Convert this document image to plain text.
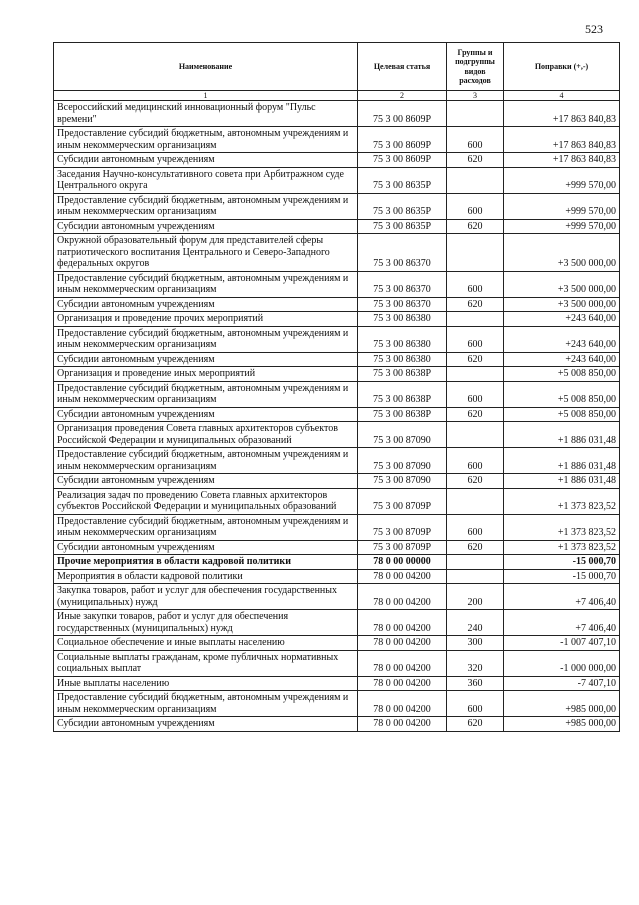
523
Наименование	Целевая статья	Группы и подгруппы видов расходов	Поправки (+,-)
1	2	3	4
Всероссийский медицинский инновационный форум "Пульс времени"	75 3 00 8609Р		+17 863 840,83
Предоставление субсидий бюджетным, автономным учреждениям и иным некоммерческим организациям	75 3 00 8609Р	600	+17 863 840,83
Субсидии автономным учреждениям	75 3 00 8609Р	620	+17 863 840,83
Заседания Научно-консультативного совета при Арбитражном суде Центрального округа	75 3 00 8635Р		+999 570,00
Предоставление субсидий бюджетным, автономным учреждениям и иным некоммерческим организациям	75 3 00 8635Р	600	+999 570,00
Субсидии автономным учреждениям	75 3 00 8635Р	620	+999 570,00
Окружной образовательный форум для представителей сферы патриотического воспитания Центрального и Северо-Западного федеральных округов	75 3 00 86370		+3 500 000,00
Предоставление субсидий бюджетным, автономным учреждениям и иным некоммерческим организациям	75 3 00 86370	600	+3 500 000,00
Субсидии автономным учреждениям	75 3 00 86370	620	+3 500 000,00
Организация и проведение прочих мероприятий	75 3 00 86380		+243 640,00
Предоставление субсидий бюджетным, автономным учреждениям и иным некоммерческим организациям	75 3 00 86380	600	+243 640,00
Субсидии автономным учреждениям	75 3 00 86380	620	+243 640,00
Организация и проведение иных мероприятий	75 3 00 8638Р		+5 008 850,00
Предоставление субсидий бюджетным, автономным учреждениям и иным некоммерческим организациям	75 3 00 8638Р	600	+5 008 850,00
Субсидии автономным учреждениям	75 3 00 8638Р	620	+5 008 850,00
Организация проведения Совета главных архитекторов субъектов Российской Федерации и муниципальных образований	75 3 00 87090		+1 886 031,48
Предоставление субсидий бюджетным, автономным учреждениям и иным некоммерческим организациям	75 3 00 87090	600	+1 886 031,48
Субсидии автономным учреждениям	75 3 00 87090	620	+1 886 031,48
Реализация задач по проведению Совета главных архитекторов субъектов Российской Федерации и муниципальных образований	75 3 00 8709Р		+1 373 823,52
Предоставление субсидий бюджетным, автономным учреждениям и иным некоммерческим организациям	75 3 00 8709Р	600	+1 373 823,52
Субсидии автономным учреждениям	75 3 00 8709Р	620	+1 373 823,52
Прочие мероприятия в области кадровой политики	78 0 00 00000		-15 000,70
Мероприятия в области кадровой политики	78 0 00 04200		-15 000,70
Закупка товаров, работ и услуг для обеспечения государственных (муниципальных) нужд	78 0 00 04200	200	+7 406,40
Иные закупки товаров, работ и услуг для обеспечения государственных (муниципальных) нужд	78 0 00 04200	240	+7 406,40
Социальное обеспечение и иные выплаты населению	78 0 00 04200	300	-1 007 407,10
Социальные выплаты гражданам, кроме публичных нормативных социальных выплат	78 0 00 04200	320	-1 000 000,00
Иные выплаты населению	78 0 00 04200	360	-7 407,10
Предоставление субсидий бюджетным, автономным учреждениям и иным некоммерческим организациям	78 0 00 04200	600	+985 000,00
Субсидии автономным учреждениям	78 0 00 04200	620	+985 000,00
